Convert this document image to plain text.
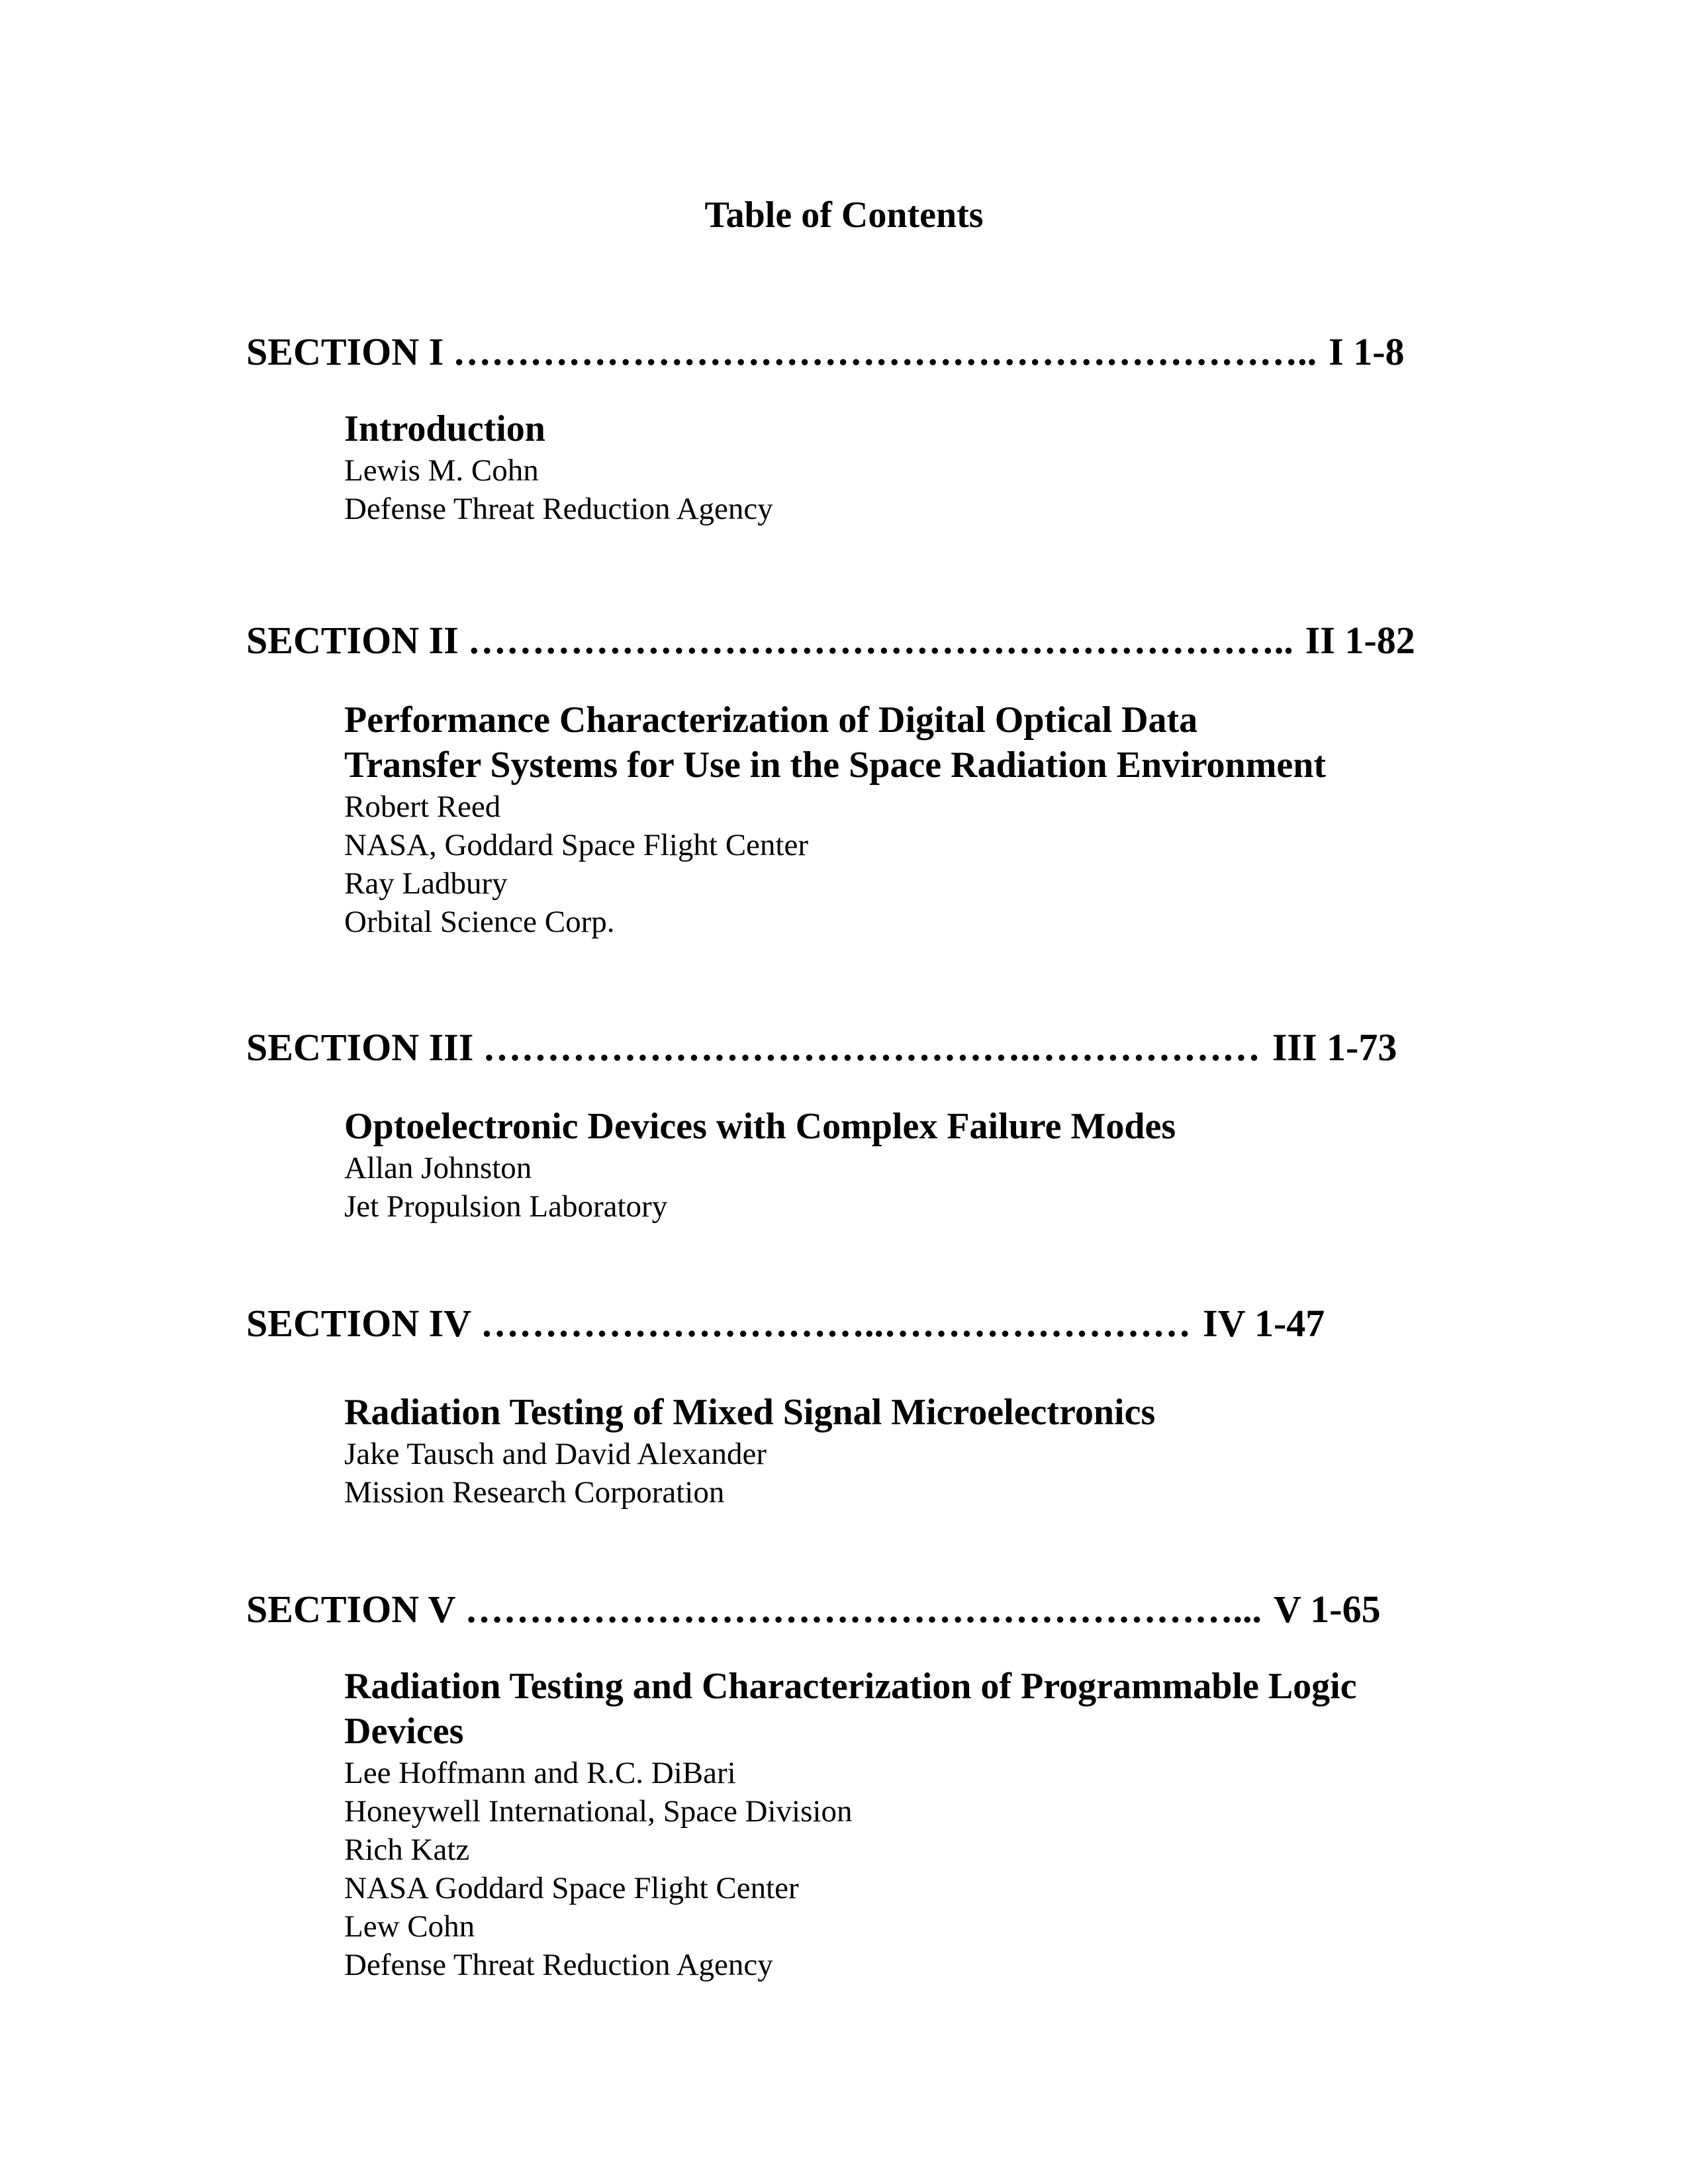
Table of Contents
SECTION I …………………………………………………………..I 1-8
Introduction
Lewis M. Cohn
Defense Threat Reduction Agency
SECTION II ………………………………………………………..II 1-82
Performance Characterization of Digital Optical Data
Transfer Systems for Use in the Space Radiation Environment
Robert Reed
NASA, Goddard Space Flight Center
Ray Ladbury
Orbital Science Corp.
SECTION III …………………………………….………………III 1-73
Optoelectronic Devices with Complex Failure Modes
Allan Johnston
Jet Propulsion Laboratory
SECTION IV …………………………..……………………IV 1-47
Radiation Testing of Mixed Signal Microelectronics
Jake Tausch and David Alexander
Mission Research Corporation
SECTION V ……………………………………………………...V 1-65
Radiation Testing and Characterization of Programmable Logic
Devices
Lee Hoffmann and R.C. DiBari
Honeywell International, Space Division
Rich Katz
NASA Goddard Space Flight Center
Lew Cohn
Defense Threat Reduction Agency
